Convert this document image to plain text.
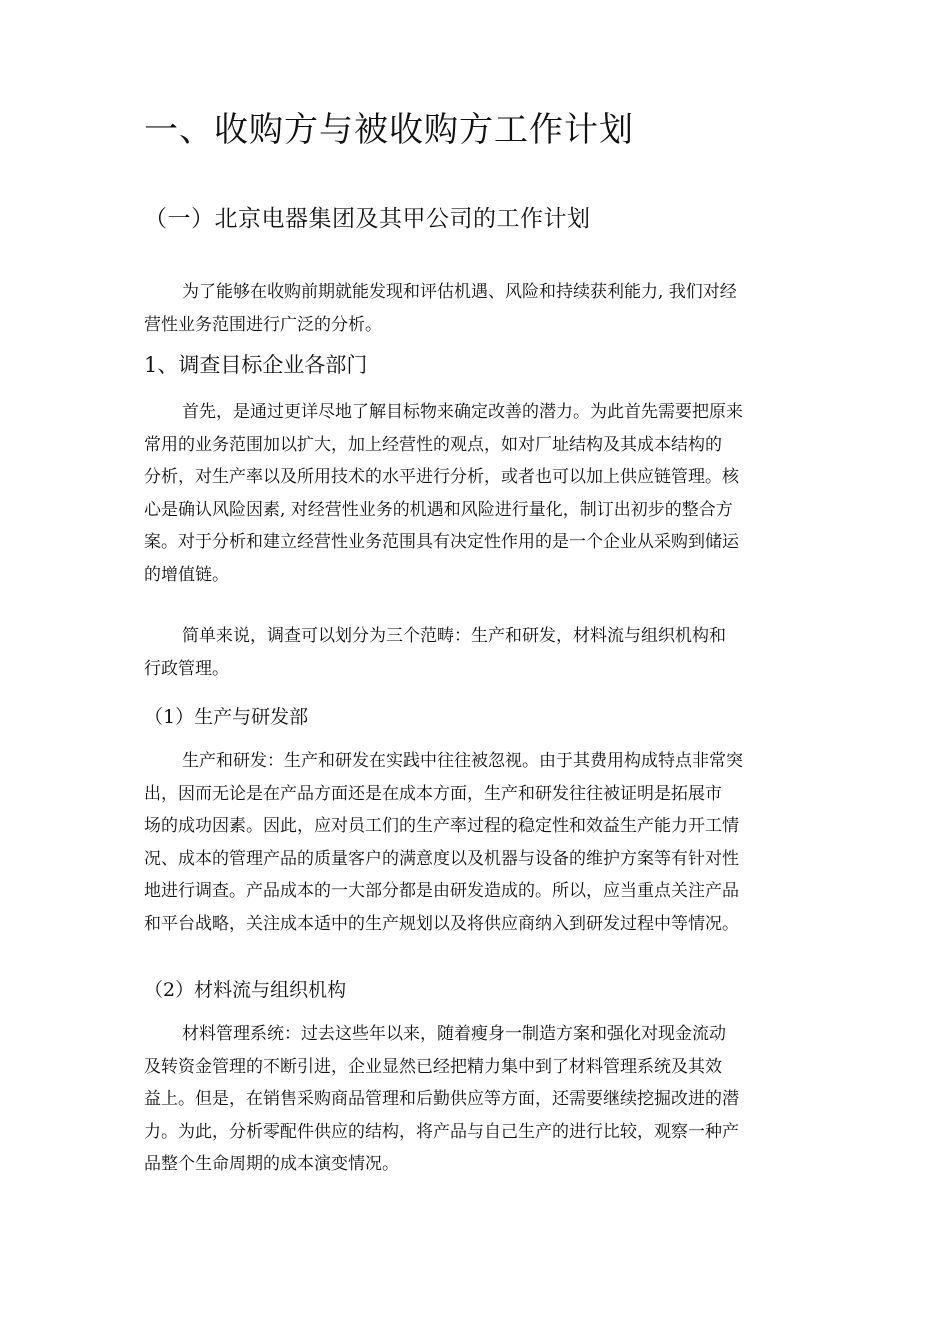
一、收购方与被收购方工作计划
（一）北京电器集团及其甲公司的工作计划
为了能够在收购前期就能发现和评估机遇、风险和持续获利能力, 我们对经
营性业务范围进行广泛的分析。
1、调查目标企业各部门
首先，是通过更详尽地了解目标物来确定改善的潜力。为此首先需要把原来
常用的业务范围加以扩大，加上经营性的观点，如对厂址结构及其成本结构的
分析，对生产率以及所用技术的水平进行分析，或者也可以加上供应链管理。核
心是确认风险因素, 对经营性业务的机遇和风险进行量化，制订出初步的整合方
案。对于分析和建立经营性业务范围具有决定性作用的是一个企业从采购到储运
的增值链。
简单来说，调查可以划分为三个范畴：生产和研发，材料流与组织机构和
行政管理。
（1）生产与研发部
生产和研发：生产和研发在实践中往往被忽视。由于其费用构成特点非常突
出，因而无论是在产品方面还是在成本方面，生产和研发往往被证明是拓展市
场的成功因素。因此，应对员工们的生产率过程的稳定性和效益生产能力开工情
况、成本的管理产品的质量客户的满意度以及机器与设备的维护方案等有针对性
地进行调查。产品成本的一大部分都是由研发造成的。所以，应当重点关注产品
和平台战略，关注成本适中的生产规划以及将供应商纳入到研发过程中等情况。
（2）材料流与组织机构
材料管理系统：过去这些年以来，随着瘦身一制造方案和强化对现金流动
及转资金管理的不断引进，企业显然已经把精力集中到了材料管理系统及其效
益上。但是，在销售采购商品管理和后勤供应等方面，还需要继续挖掘改进的潜
力。为此，分析零配件供应的结构，将产品与自己生产的进行比较，观察一种产
品整个生命周期的成本演变情况。
